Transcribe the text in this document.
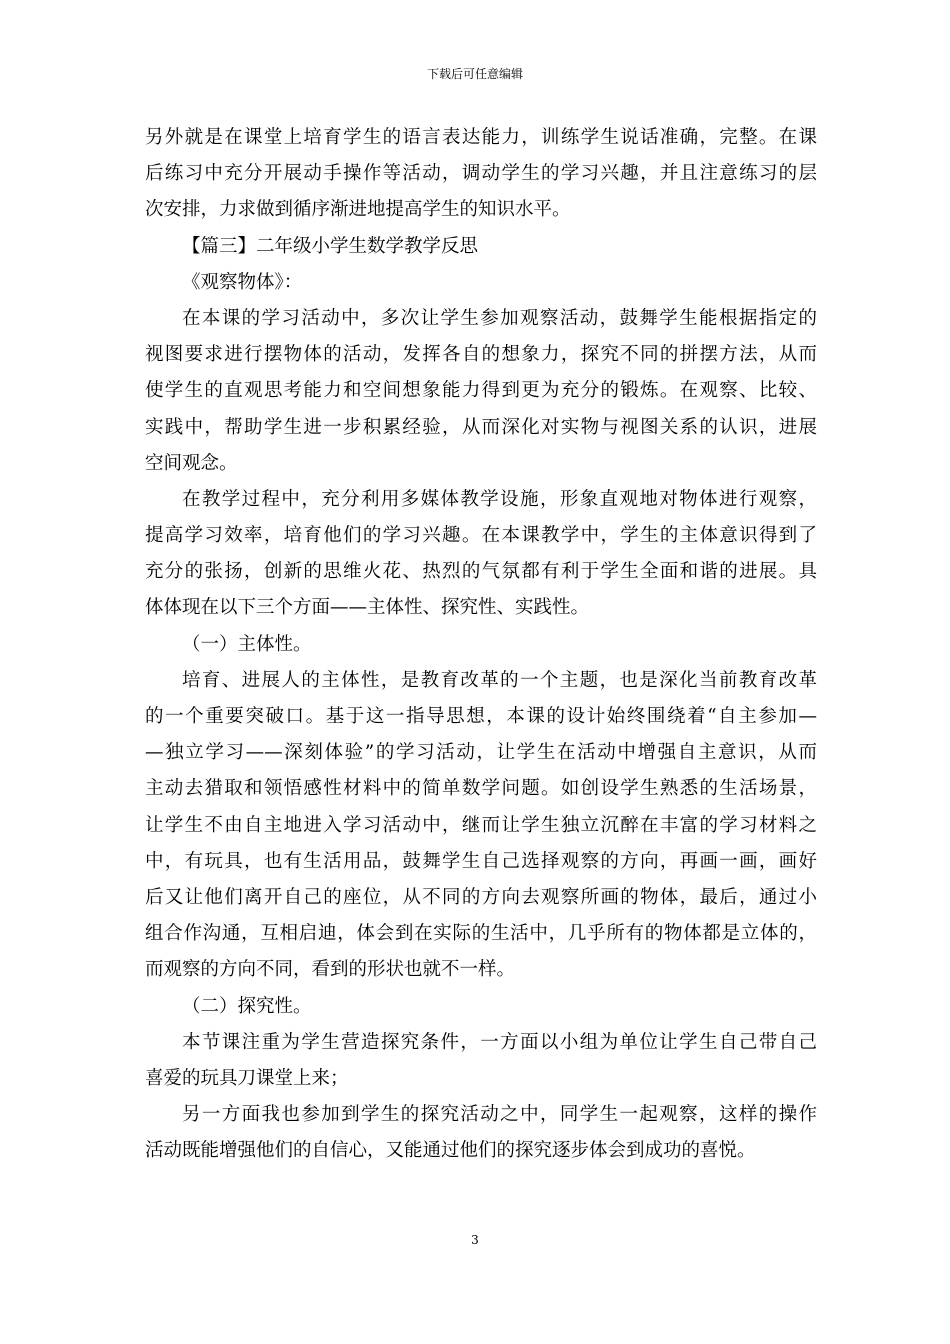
下载后可任意编辑
另外就是在课堂上培育学生的语言表达能力，训练学生说话准确，完整。在课
后练习中充分开展动手操作等活动，调动学生的学习兴趣，并且注意练习的层
次安排，力求做到循序渐进地提高学生的知识水平。
【篇三】二年级小学生数学教学反思
《观察物体》：
在本课的学习活动中，多次让学生参加观察活动，鼓舞学生能根据指定的
视图要求进行摆物体的活动，发挥各自的想象力，探究不同的拼摆方法，从而
使学生的直观思考能力和空间想象能力得到更为充分的锻炼。在观察、比较、
实践中，帮助学生进一步积累经验，从而深化对实物与视图关系的认识，进展
空间观念。
在教学过程中，充分利用多媒体教学设施，形象直观地对物体进行观察，
提高学习效率，培育他们的学习兴趣。在本课教学中，学生的主体意识得到了
充分的张扬，创新的思维火花、热烈的气氛都有利于学生全面和谐的进展。具
体体现在以下三个方面——主体性、探究性、实践性。
（一）主体性。
培育、进展人的主体性，是教育改革的一个主题，也是深化当前教育改革
的一个重要突破口。基于这一指导思想，本课的设计始终围绕着“自主参加—
—独立学习——深刻体验”的学习活动，让学生在活动中增强自主意识，从而
主动去猎取和领悟感性材料中的简单数学问题。如创设学生熟悉的生活场景，
让学生不由自主地进入学习活动中，继而让学生独立沉醉在丰富的学习材料之
中，有玩具，也有生活用品，鼓舞学生自己选择观察的方向，再画一画，画好
后又让他们离开自己的座位，从不同的方向去观察所画的物体，最后，通过小
组合作沟通，互相启迪，体会到在实际的生活中，几乎所有的物体都是立体的，
而观察的方向不同，看到的形状也就不一样。
（二）探究性。
本节课注重为学生营造探究条件，一方面以小组为单位让学生自己带自己
喜爱的玩具刀课堂上来；
另一方面我也参加到学生的探究活动之中，同学生一起观察，这样的操作
活动既能增强他们的自信心，又能通过他们的探究逐步体会到成功的喜悦。
3
